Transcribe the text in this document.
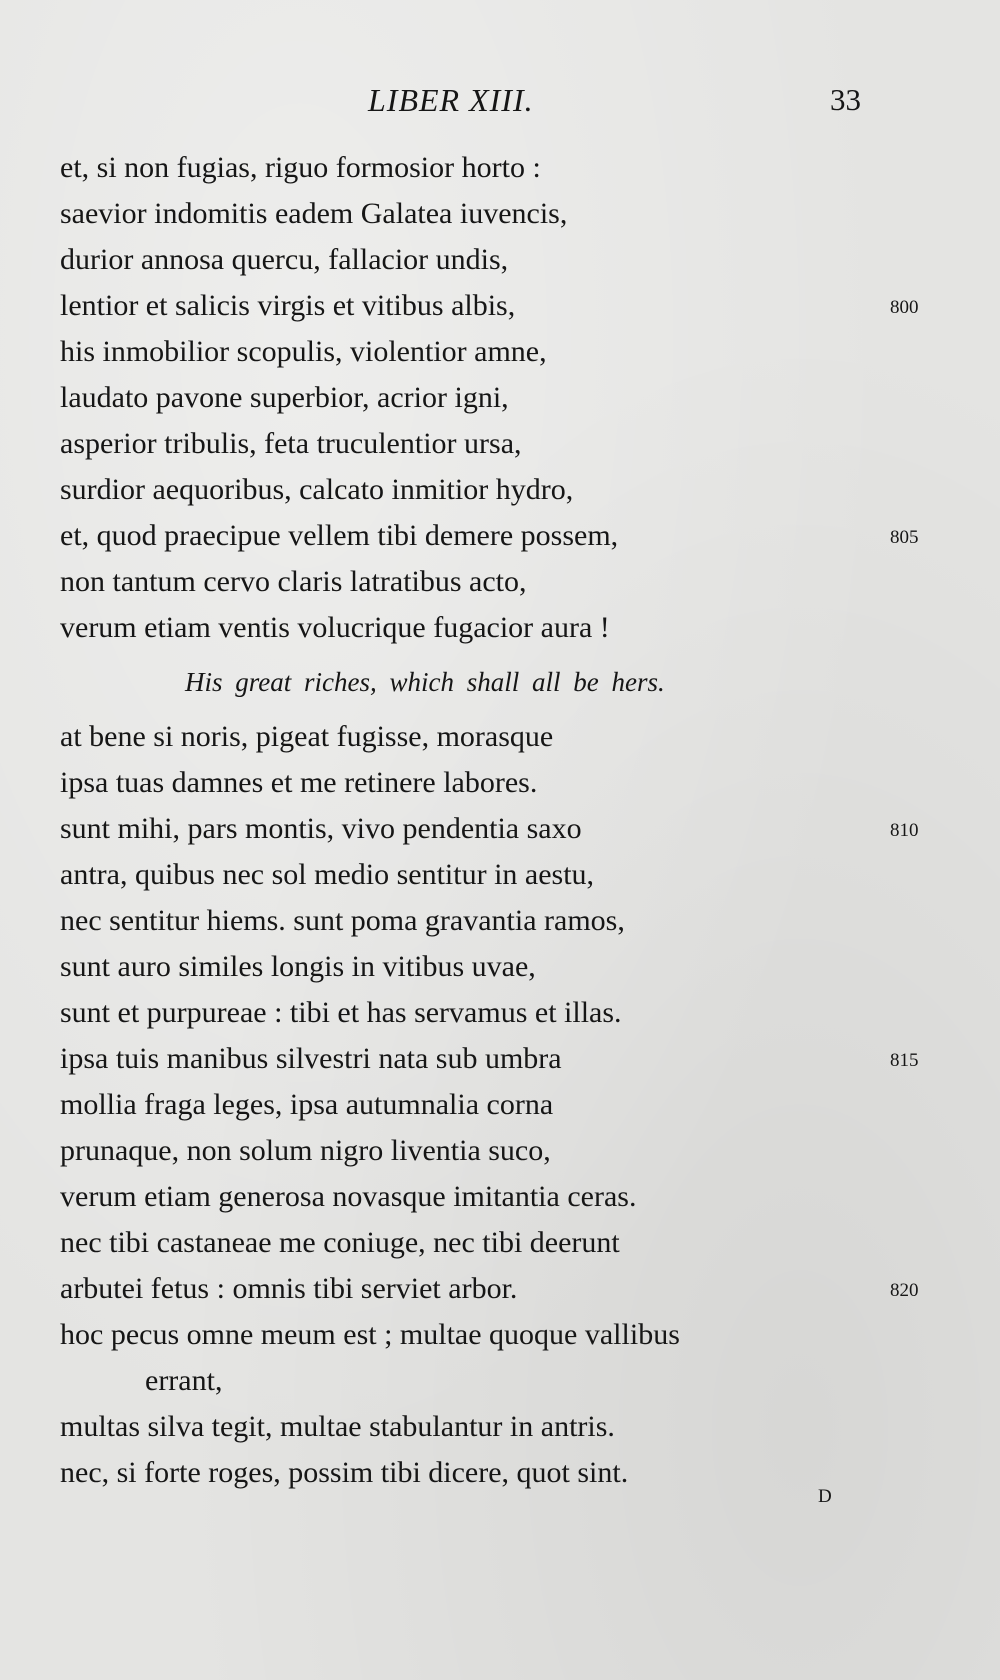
LIBER XIII.	33
et, si non fugias, riguo formosior horto :
saevior indomitis eadem Galatea iuvencis,
durior annosa quercu, fallacior undis,
lentior et salicis virgis et vitibus albis,	800
his inmobilior scopulis, violentior amne,
laudato pavone superbior, acrior igni,
asperior tribulis, feta truculentior ursa,
surdior aequoribus, calcato inmitior hydro,
et, quod praecipue vellem tibi demere possem,	805
non tantum cervo claris latratibus acto,
verum etiam ventis volucrique fugacior aura !
His great riches, which shall all be hers.
at bene si noris, pigeat fugisse, morasque
ipsa tuas damnes et me retinere labores.
sunt mihi, pars montis, vivo pendentia saxo	810
antra, quibus nec sol medio sentitur in aestu,
nec sentitur hiems. sunt poma gravantia ramos,
sunt auro similes longis in vitibus uvae,
sunt et purpureae : tibi et has servamus et illas.
ipsa tuis manibus silvestri nata sub umbra	815
mollia fraga leges, ipsa autumnalia corna
prunaque, non solum nigro liventia suco,
verum etiam generosa novasque imitantia ceras.
nec tibi castaneae me coniuge, nec tibi deerunt
arbutei fetus : omnis tibi serviet arbor.	820
hoc pecus omne meum est ; multae quoque vallibus
errant,
multas silva tegit, multae stabulantur in antris.
nec, si forte roges, possim tibi dicere, quot sint.
D
